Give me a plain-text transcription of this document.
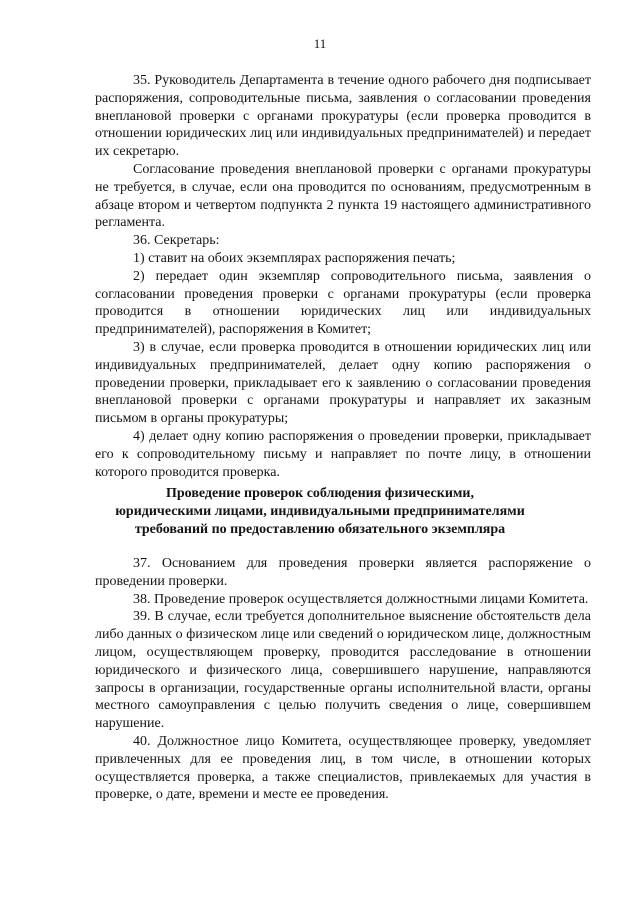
11

35. Руководитель Департамента в течение одного рабочего дня подписывает распоряжения, сопроводительные письма, заявления о согласовании проведения внеплановой проверки с органами прокуратуры (если проверка проводится в отношении юридических лиц или индивидуальных предпринимателей) и передает их секретарю.

Согласование проведения внеплановой проверки с органами прокуратуры не требуется, в случае, если она проводится по основаниям, предусмотренным в абзаце втором и четвертом подпункта 2 пункта 19 настоящего административного регламента.

36. Секретарь:

1) ставит на обоих экземплярах распоряжения печать;

2) передает один экземпляр сопроводительного письма, заявления о согласовании проведения проверки с органами прокуратуры (если проверка проводится в отношении юридических лиц или индивидуальных предпринимателей), распоряжения в Комитет;

3) в случае, если проверка проводится в отношении юридических лиц или индивидуальных предпринимателей, делает одну копию распоряжения о проведении проверки, прикладывает его к заявлению о согласовании проведения внеплановой проверки с органами прокуратуры и направляет их заказным письмом в органы прокуратуры;

4) делает одну копию распоряжения о проведении проверки, прикладывает его к сопроводительному письму и направляет по почте лицу, в отношении которого проводится проверка.

Проведение проверок соблюдения физическими,
юридическими лицами, индивидуальными предпринимателями
требований по предоставлению обязательного экземпляра

37. Основанием для проведения проверки является распоряжение о проведении проверки.

38. Проведение проверок осуществляется должностными лицами Комитета.

39. В случае, если требуется дополнительное выяснение обстоятельств дела либо данных о физическом лице или сведений о юридическом лице, должностным лицом, осуществляющем проверку, проводится расследование в отношении юридического и физического лица, совершившего нарушение, направляются запросы в организации, государственные органы исполнительной власти, органы местного самоуправления с целью получить сведения о лице, совершившем нарушение.

40. Должностное лицо Комитета, осуществляющее проверку, уведомляет привлеченных для ее проведения лиц, в том числе, в отношении которых осуществляется проверка, а также специалистов, привлекаемых для участия в проверке, о дате, времени и месте ее проведения.
